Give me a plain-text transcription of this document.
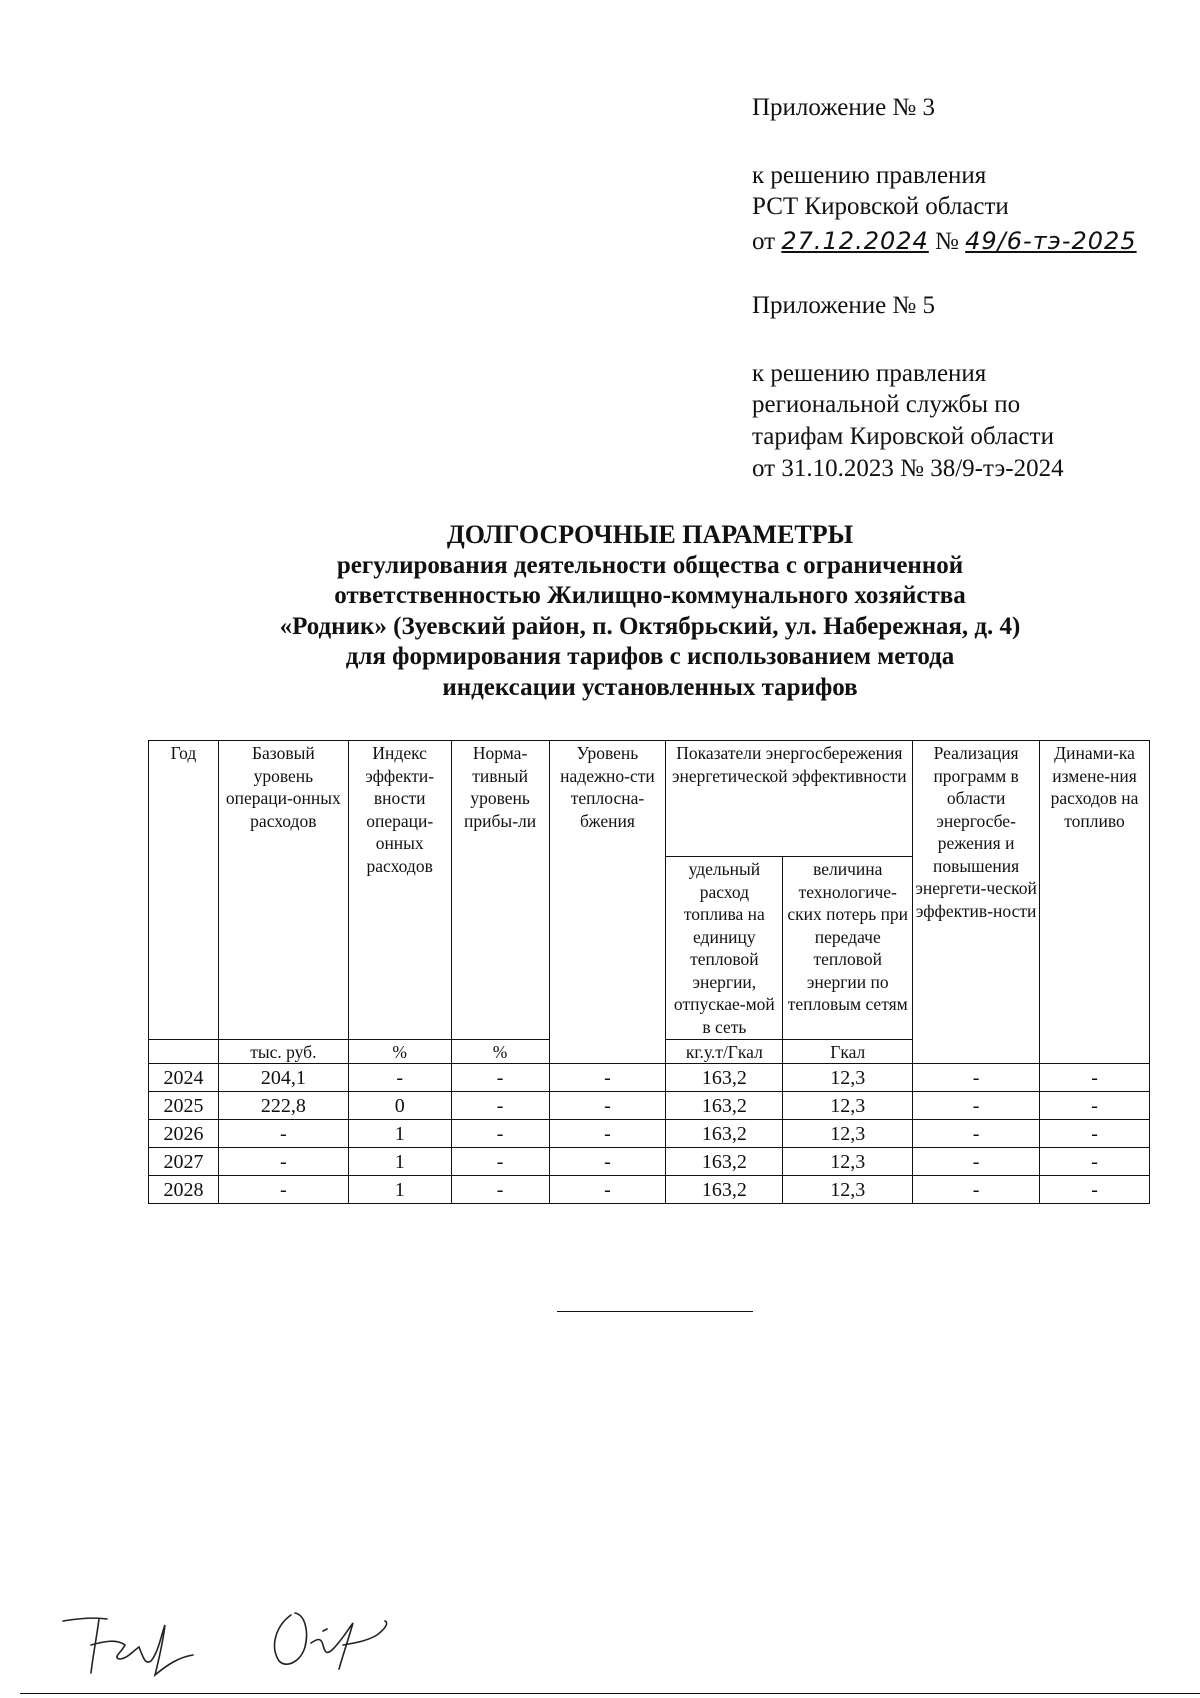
Приложение № 3
к решению правления
РСТ Кировской области
от 27.12.2024 № 49/6-тэ-2025
Приложение № 5
к решению правления
региональной службы по
тарифам Кировской области
от 31.10.2023 № 38/9-тэ-2024
ДОЛГОСРОЧНЫЕ ПАРАМЕТРЫ
регулирования деятельности общества с ограниченной
ответственностью Жилищно-коммунального хозяйства
«Родник» (Зуевский район, п. Октябрьский, ул. Набережная, д. 4)
для формирования тарифов с использованием метода
индексации установленных тарифов
Год	Базовый уровень операци-онных расходов	Индекс эффекти-вности операци-онных расходов	Норма-тивный уровень прибы-ли	Уровень надежно-сти теплосна-бжения	Показатели энергосбережения энергетической эффективности		Реализация программ в области энергосбе-режения и повышения энергети-ческой эффектив-ности	Динами-ка измене-ния расходов на топливо
					удельный расход топлива на единицу тепловой энергии, отпускае-мой в сеть	величина технологиче-ских потерь при передаче тепловой энергии по тепловым сетям		
	тыс. руб.	%	%		кг.у.т/Гкал	Гкал		
2024	204,1	-	-	-	163,2	12,3	-	-
2025	222,8	0	-	-	163,2	12,3	-	-
2026	-	1	-	-	163,2	12,3	-	-
2027	-	1	-	-	163,2	12,3	-	-
2028	-	1	-	-	163,2	12,3	-	-
